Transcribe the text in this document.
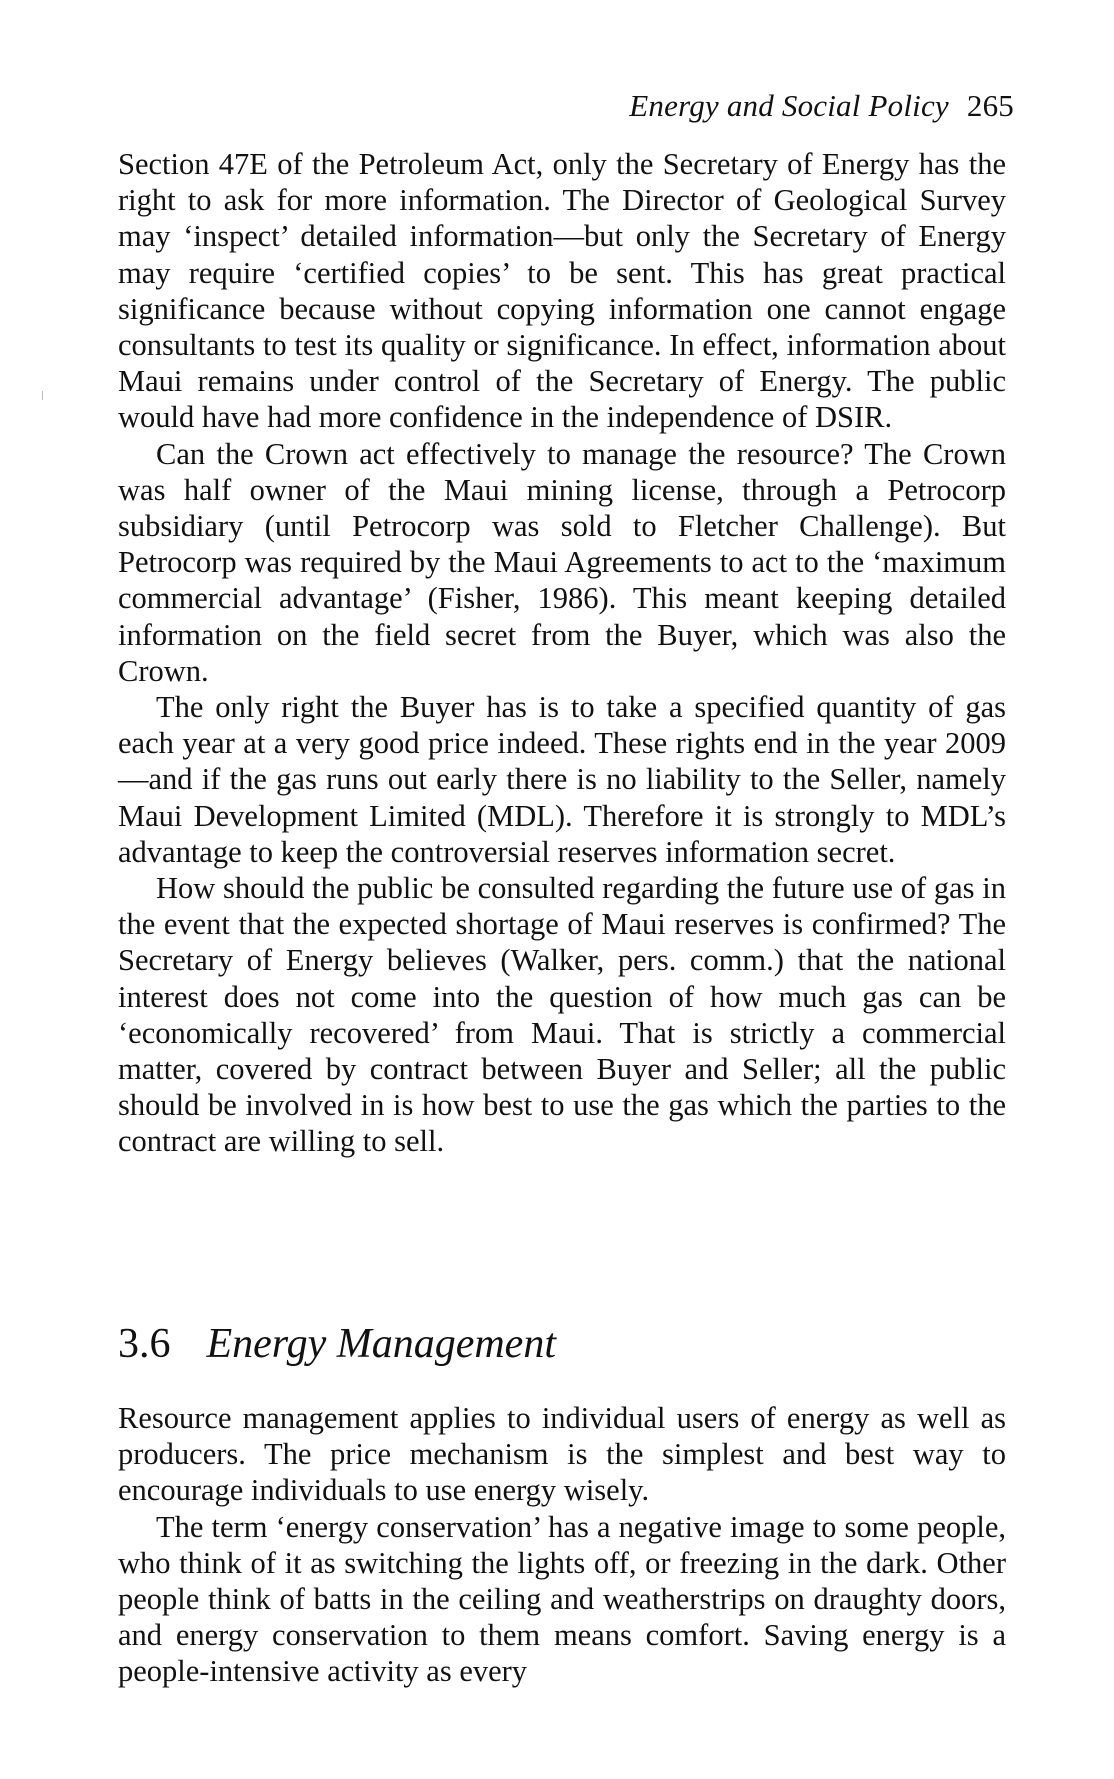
Energy and Social Policy 265

Section 47E of the Petroleum Act, only the Secretary of Energy has the right to ask for more information. The Director of Geological Survey may ‘inspect’ detailed information—but only the Secretary of Energy may require ‘certified copies’ to be sent. This has great practical significance because without copying information one cannot engage consultants to test its quality or significance. In effect, information about Maui remains under control of the Secretary of Energy. The public would have had more confidence in the independence of DSIR.

Can the Crown act effectively to manage the resource? The Crown was half owner of the Maui mining license, through a Petrocorp subsidiary (until Petrocorp was sold to Fletcher Challenge). But Petrocorp was required by the Maui Agreements to act to the ‘maximum commercial advantage’ (Fisher, 1986). This meant keeping detailed information on the field secret from the Buyer, which was also the Crown.

The only right the Buyer has is to take a specified quantity of gas each year at a very good price indeed. These rights end in the year 2009—and if the gas runs out early there is no liability to the Seller, namely Maui Development Limited (MDL). Therefore it is strongly to MDL’s advantage to keep the controversial reserves information secret.

How should the public be consulted regarding the future use of gas in the event that the expected shortage of Maui reserves is confirmed? The Secretary of Energy believes (Walker, pers. comm.) that the national interest does not come into the question of how much gas can be ‘economically recovered’ from Maui. That is strictly a commercial matter, covered by contract between Buyer and Seller; all the public should be involved in is how best to use the gas which the parties to the contract are willing to sell.

3.6 Energy Management

Resource management applies to individual users of energy as well as producers. The price mechanism is the simplest and best way to encourage individuals to use energy wisely.

The term ‘energy conservation’ has a negative image to some people, who think of it as switching the lights off, or freezing in the dark. Other people think of batts in the ceiling and weatherstrips on draughty doors, and energy conservation to them means comfort. Saving energy is a people-intensive activity as every
